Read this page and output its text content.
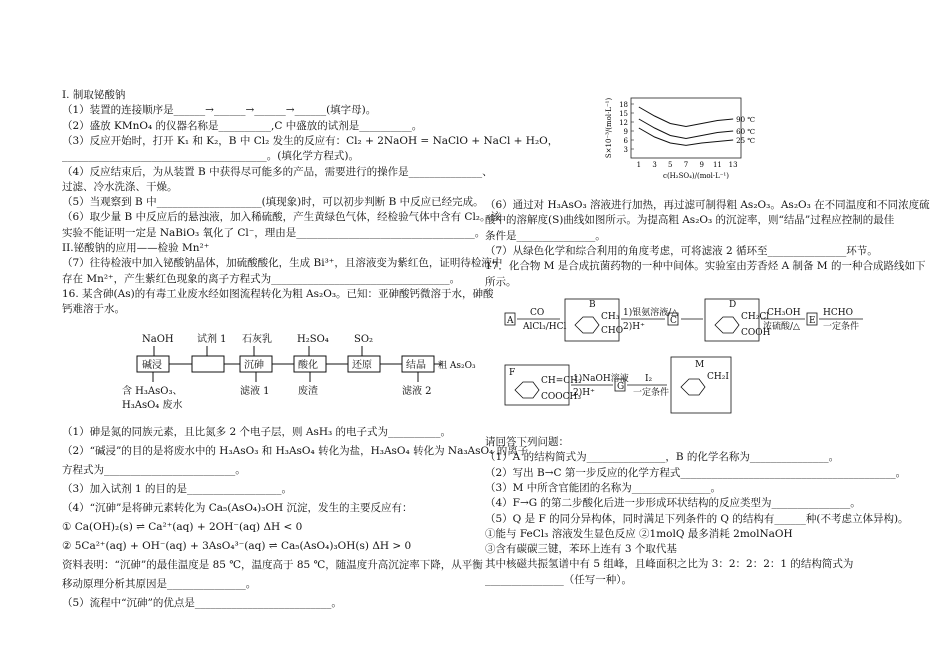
I. 制取铋酸钠
（1）装置的连接顺序是______→______→______→______(填字母)。
（2）盛放 KMnO₄ 的仪器名称是__________,C 中盛放的试剂是__________。
（3）反应开始时，打开 K₁ 和 K₂，B 中 Cl₂ 发生的反应有：Cl₂ + 2NaOH = NaClO + NaCl + H₂O，
_______________________________________。(填化学方程式)。
（4）反应结束后，为从装置 B 中获得尽可能多的产品，需要进行的操作是______________、
过滤、冷水洗涤、干燥。
（5）当观察到 B 中____________________(填现象)时，可以初步判断 B 中反应已经完成。
（6）取少量 B 中反应后的悬浊液，加入稀硫酸，产生黄绿色气体，经检验气体中含有 Cl₂。该
实验不能证明一定是 NaBiO₃ 氧化了 Cl⁻，理由是__________________________________。
II.铋酸钠的应用——检验 Mn²⁺
（7）往待检液中加入铋酸钠晶体，加硫酸酸化，生成 Bi³⁺，且溶液变为紫红色，证明待检液中
存在 Mn²⁺，产生紫红色现象的离子方程式为__________________________________。
16. 某含砷(As)的有毒工业废水经如图流程转化为粗 As₂O₃。已知：亚砷酸钙微溶于水，砷酸
钙难溶于水。
NaOH 试剂 1 石灰乳	H₂SO₄	SO₂
碱浸	沉砷	酸化	还原	结晶 粗 As₂O₃
含 H₃AsO₃、
H₃AsO₄ 废水
滤液 1	废渣	滤液 2
（1）砷是氮的同族元素，且比氮多 2 个电子层，则 AsH₃ 的电子式为__________。
（2）“碱浸”的目的是将废水中的 H₃AsO₃ 和 H₃AsO₄ 转化为盐，H₃AsO₄ 转化为 Na₃AsO₄ 的离子
方程式为_________________________。
（3）加入试剂 1 的目的是__________________。
（4）“沉砷”是将砷元素转化为 Ca₅(AsO₄)₃OH 沉淀，发生的主要反应有：
① Ca(OH)₂(s) ⇌ Ca²⁺(aq) + 2OH⁻(aq) ΔH < 0
② 5Ca²⁺(aq) + OH⁻(aq) + 3AsO₄³⁻(aq) ⇌ Ca₅(AsO₄)₃OH(s) ΔH > 0
资料表明：“沉砷”的最佳温度是 85 ℃，温度高于 85 ℃，随温度升高沉淀率下降，从平衡
移动原理分析其原因是_______________。
（5）流程中“沉砷”的优点是__________________________。
3
6
9
12
15
18
1 3 5 7 9 11 13
90 ℃
60 ℃
25 ℃
c(H₂SO₄)/(mol·L⁻¹)
S×10⁻³/(mol·L⁻¹)
（6）通过对 H₃AsO₃ 溶液进行加热，再过滤可制得粗 As₂O₃。As₂O₃ 在不同温度和不同浓度硫
酸中的溶解度(S)曲线如图所示。为提高粗 As₂O₃ 的沉淀率，则“结晶”过程应控制的最佳
条件是_______________。
（7）从绿色化学和综合利用的角度考虑，可将滤液 2 循环至_______________环节。
17．化合物 M 是合成抗菌药物的一种中间体。实验室由芳香烃 A 制备 M 的一种合成路线如下
所示。
A
CO
AlCl₃/HCl
B
CH₃
CHO
1)银氨溶液/△
2)H⁺
C
D
CH₂Cl
COOH
CH₃OH
浓硫酸/△
E
HCHO
一定条件
F
CH=CH₂
COOCH₃
1)NaOH溶液
2)H⁺
G
I₂
一定条件
M
CH₂I
请回答下列问题：
（1）A 的结构简式为_______________，B 的化学名称为_______________。
（2）写出 B→C 第一步反应的化学方程式_________________________________________。
（3）M 中所含官能团的名称为_______________。
（4）F→G 的第二步酸化后进一步形成环状结构的反应类型为_______________。
（5）Q 是 F 的同分异构体，同时满足下列条件的 Q 的结构有______种(不考虑立体异构)。
①能与 FeCl₃ 溶液发生显色反应 ②1molQ 最多消耗 2molNaOH
③含有碳碳三键，苯环上连有 3 个取代基
其中核磁共振氢谱中有 5 组峰，且峰面积之比为 3：2：2：2：1 的结构简式为
_______________（任写一种）。
